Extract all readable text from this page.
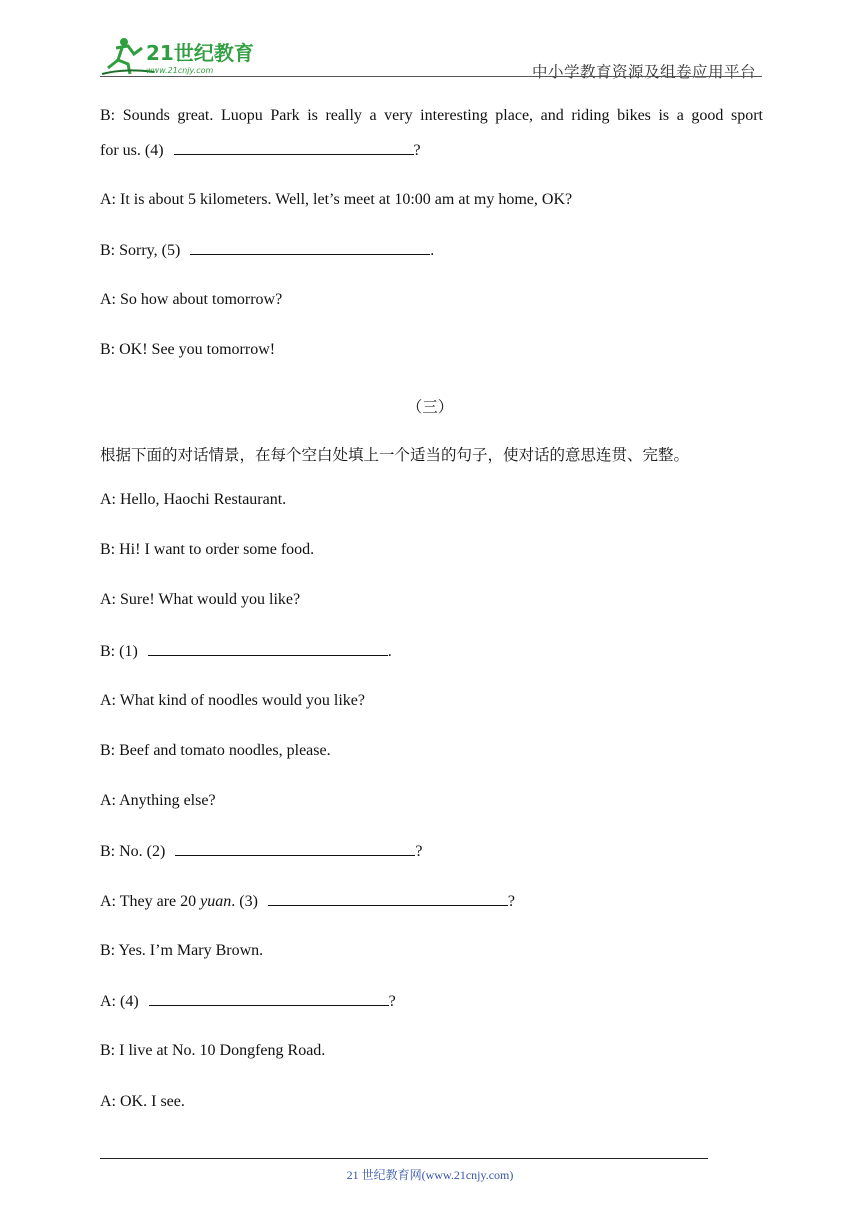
21世纪教育
www.21cnjy.com	中小学教育资源及组卷应用平台
B: Sounds great. Luopu Park is really a very interesting place, and riding bikes is a good sport
for us. (4)	?
A: It is about 5 kilometers. Well, let’s meet at 10:00 am at my home, OK?
B: Sorry, (5)	.
A: So how about tomorrow?
B: OK! See you tomorrow!
（三）
根据下面的对话情景，在每个空白处填上一个适当的句子，使对话的意思连贯、完整。
A: Hello, Haochi Restaurant.
B: Hi! I want to order some food.
A: Sure! What would you like?
B: (1)	.
A: What kind of noodles would you like?
B: Beef and tomato noodles, please.
A: Anything else?
B: No. (2)	?
A: They are 20 yuan. (3)	?
B: Yes. I’m Mary Brown.
A: (4)	?
B: I live at No. 10 Dongfeng Road.
A: OK. I see.
21 世纪教育网(www.21cnjy.com)
